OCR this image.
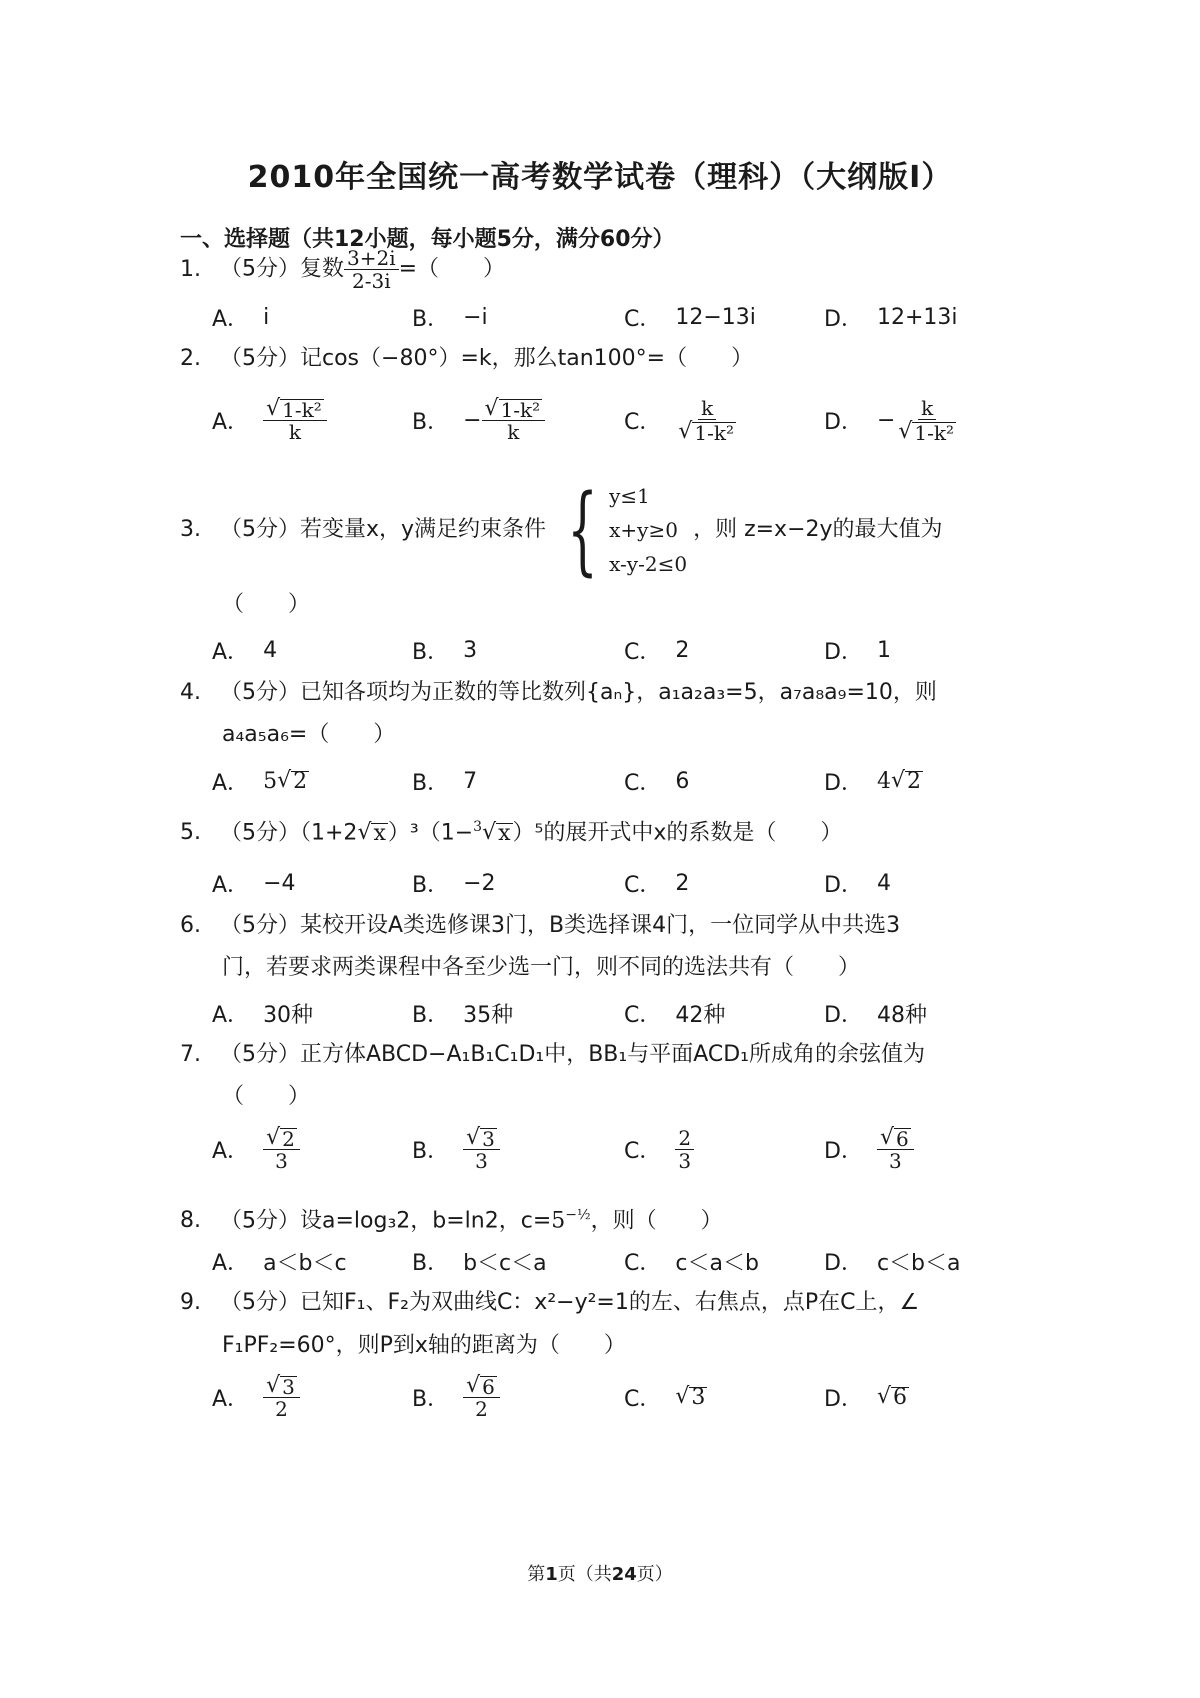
2010年全国统一高考数学试卷（理科）（大纲版Ⅰ）
一、选择题（共12小题，每小题5分，满分60分）
1. （5分）复数 $\frac{3+2i}{2-3i}$ =（　　）
A． i	B． −i	C． 12−13i	D． 12+13i
2. （5分）记cos（−80°）=k，那么tan100°=（　　）
A． $\frac{\text{√ 1-k²}}{k}$	B． − $\frac{\text{√ 1-k²}}{k}$	C． $\frac{k}{\text{√ 1-k²}}$	D． − $\frac{k}{\text{√ 1-k²}}$
3. （5分）若变量x，y满足约束条件 { y≤1
x+y≥0
x-y-2≤0
，则 z=x−2y的最大值为
（　　）
A． 4	B． 3	C． 2	D． 1
4. （5分）已知各项均为正数的等比数列{aₙ}，a₁a₂a₃=5，a₇a₈a₉=10，则
a₄a₅a₆=（　　）
A． 5 √ 2	B． 7	C． 6	D． 4 √ 2
5. （5分）（1+2 √ x ）³（1−$^3$ √ x ）⁵的展开式中x的系数是（　　）
A． −4	B． −2	C． 2	D． 4
6. （5分）某校开设A类选修课3门，B类选择课4门，一位同学从中共选3
门，若要求两类课程中各至少选一门，则不同的选法共有（　　）
A． 30种	B． 35种	C． 42种	D． 48种
7. （5分）正方体ABCD−A₁B₁C₁D₁中，BB₁与平面ACD₁所成角的余弦值为
（　　）
A． $\frac{√ 2}{3}$	B． $\frac{√ 3}{3}$	C． $\frac{2}{3}$	D． $\frac{√ 6}{3}$
8. （5分）设a=log₃2，b=ln2，$c=5^{-\frac{1}{2}}$，则（　　）
A． a＜b＜c	B． b＜c＜a	C． c＜a＜b	D． c＜b＜a
9. （5分）已知F₁、F₂为双曲线C：x²−y²=1的左、右焦点，点P在C上，∠
F₁PF₂=60°，则P到x轴的距离为（　　）
A． $\frac{√ 3}{2}$	B． $\frac{√ 6}{2}$	C． √ 3	D． √ 6
第1页（共24页）
